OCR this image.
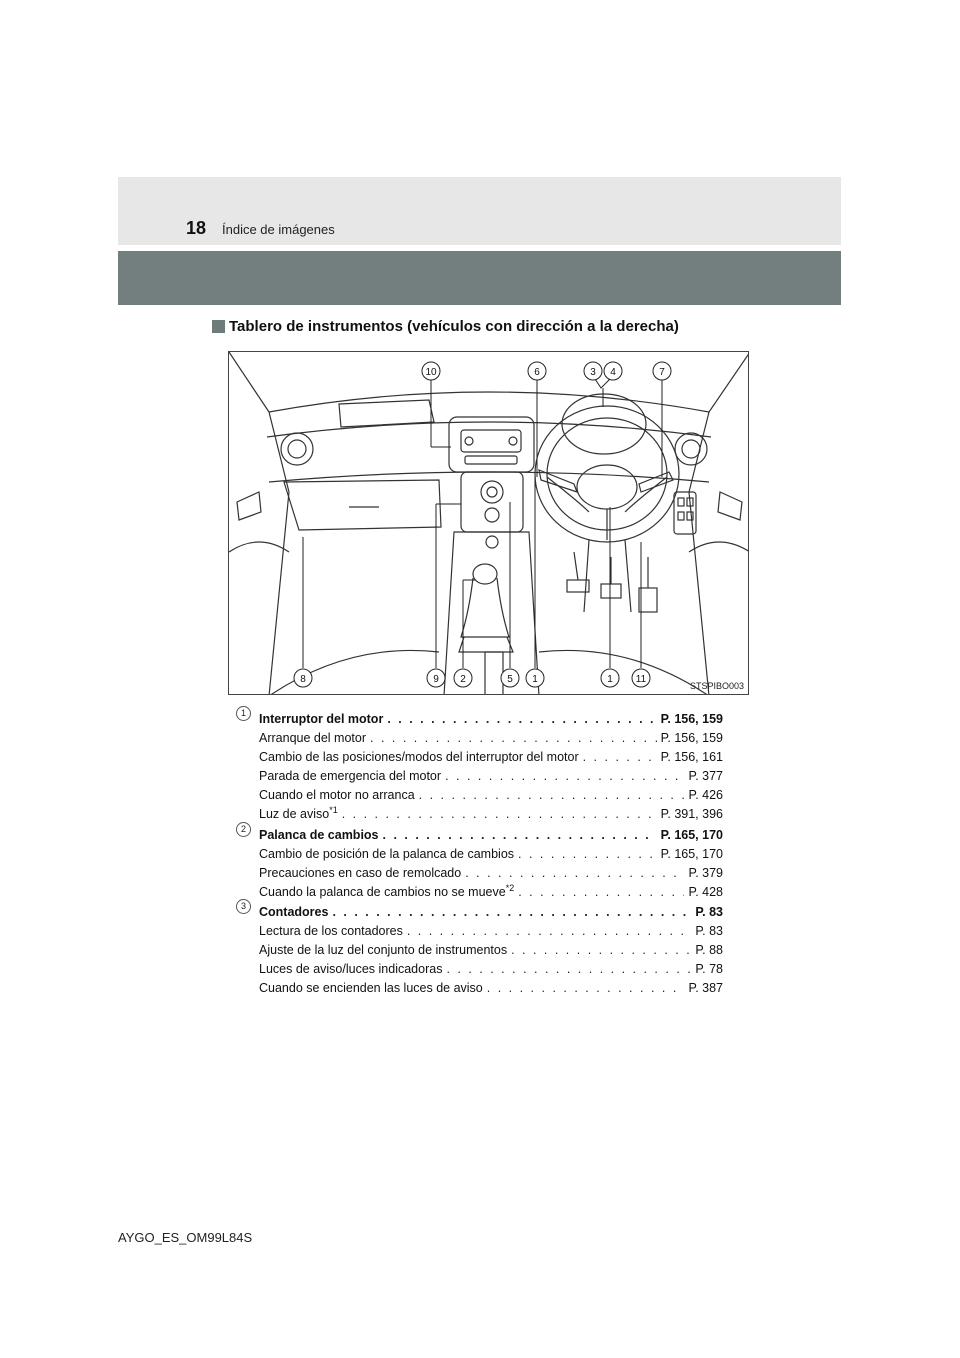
18 Índice de imágenes
Tablero de instrumentos (vehículos con dirección a la derecha)
10	6	3 4	7
8	9 2	5 1	1 11
STSPIBO003
1	Interruptor del motor . . .	P. 156, 159
Arranque del motor . . .	P. 156, 159
Cambio de las posiciones/modos del interruptor del motor . . .	P. 156, 161
Parada de emergencia del motor . . .	P. 377
Cuando el motor no arranca . . .	P. 426
Luz de aviso$^{*1}$ . . .	P. 391, 396
2	Palanca de cambios . . .	P. 165, 170
Cambio de posición de la palanca de cambios . . .	P. 165, 170
Precauciones en caso de remolcado . . .	P. 379
Cuando la palanca de cambios no se mueve$^{*2}$ . . .	P. 428
3	Contadores . . .	P. 83
Lectura de los contadores . . .	P. 83
Ajuste de la luz del conjunto de instrumentos . . .	P. 88
Luces de aviso/luces indicadoras . . .	P. 78
Cuando se encienden las luces de aviso . . .	P. 387
AYGO_ES_OM99L84S
